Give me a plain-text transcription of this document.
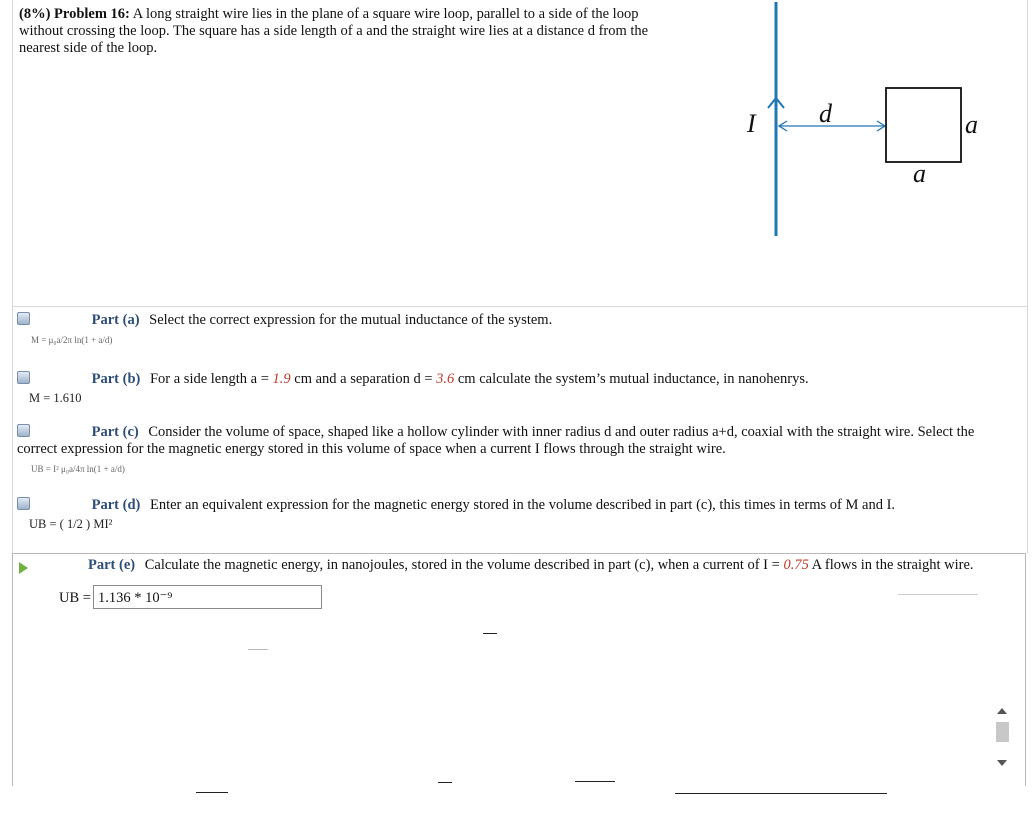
(8%) Problem 16: A long straight wire lies in the plane of a square wire loop, parallel to a side of the loop without crossing the loop. The square has a side length of a and the straight wire lies at a distance d from the nearest side of the loop.
I d	a
a
Part (a) Select the correct expression for the mutual inductance of the system.
M = μ₀a/2π ln(1 + a/d)
Part (b) For a side length a = 1.9 cm and a separation d = 3.6 cm calculate the system’s mutual inductance, in nanohenrys.
M = 1.610
Part (c) Consider the volume of space, shaped like a hollow cylinder with inner radius d and outer radius a+d, coaxial with the straight wire. Select the correct expression for the magnetic energy stored in this volume of space when a current I flows through the straight wire.
UB = I² μ₀a/4π ln(1 + a/d)
Part (d) Enter an equivalent expression for the magnetic energy stored in the volume described in part (c), this times in terms of M and I.
UB = ( 1/2 ) MI²
Part (e) Calculate the magnetic energy, in nanojoules, stored in the volume described in part (c), when a current of I = 0.75 A flows in the straight wire.
UB = 1.136 * 10⁻⁹
